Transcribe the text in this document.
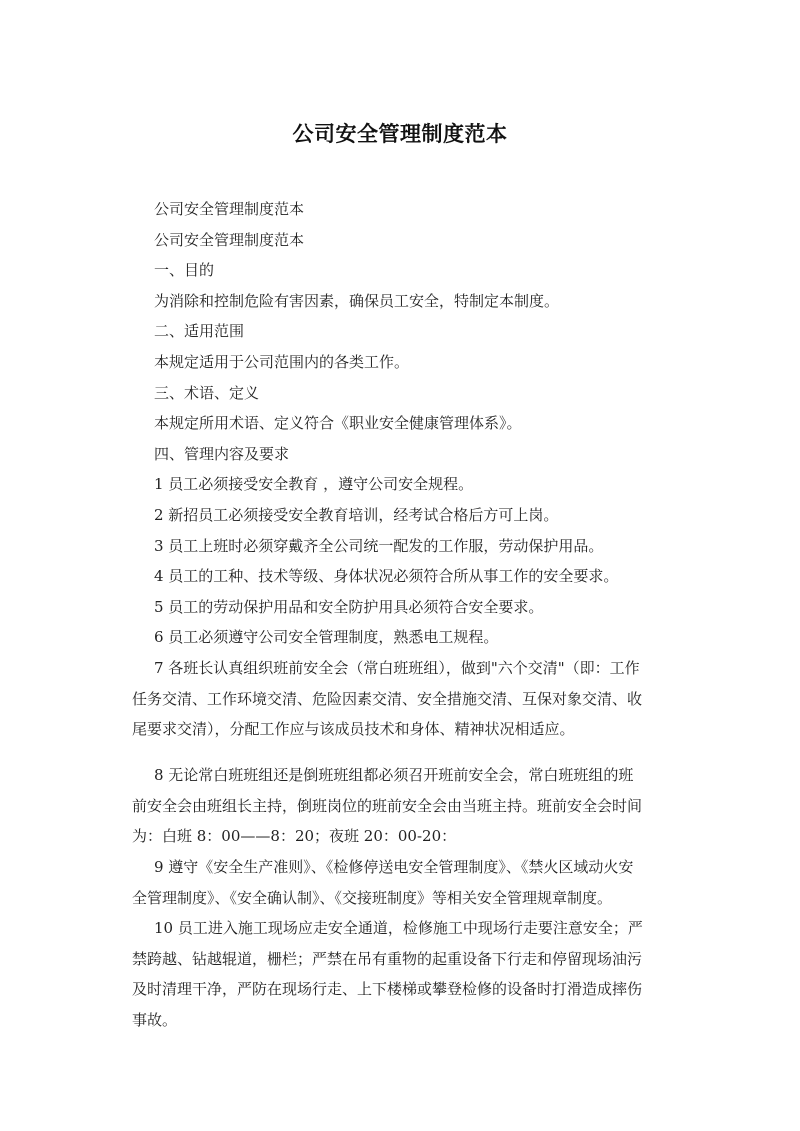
公司安全管理制度范本

公司安全管理制度范本

公司安全管理制度范本

一、目的

为消除和控制危险有害因素，确保员工安全，特制定本制度。

二、适用范围

本规定适用于公司范围内的各类工作。

三、术语、定义

本规定所用术语、定义符合《职业安全健康管理体系》。

四、管理内容及要求

1 员工必须接受安全教育 ，遵守公司安全规程。

2 新招员工必须接受安全教育培训，经考试合格后方可上岗。

3 员工上班时必须穿戴齐全公司统一配发的工作服，劳动保护用品。

4 员工的工种、技术等级、身体状况必须符合所从事工作的安全要求。

5 员工的劳动保护用品和安全防护用具必须符合安全要求。

6 员工必须遵守公司安全管理制度，熟悉电工规程。

7 各班长认真组织班前安全会（常白班班组），做到"六个交清"（即：工作

任务交清、工作环境交清、危险因素交清、安全措施交清、互保对象交清、收

尾要求交清），分配工作应与该成员技术和身体、精神状况相适应。

8 无论常白班班组还是倒班班组都必须召开班前安全会，常白班班组的班

前安全会由班组长主持，倒班岗位的班前安全会由当班主持。班前安全会时间

为：白班 8：00——8：20；夜班 20：00-20：

9 遵守《安全生产准则》、《检修停送电安全管理制度》、《禁火区域动火安

全管理制度》、《安全确认制》、《交接班制度》等相关安全管理规章制度。

10 员工进入施工现场应走安全通道，检修施工中现场行走要注意安全；严

禁跨越、钻越辊道，栅栏；严禁在吊有重物的起重设备下行走和停留现场油污

及时清理干净，严防在现场行走、上下楼梯或攀登检修的设备时打滑造成摔伤

事故。
